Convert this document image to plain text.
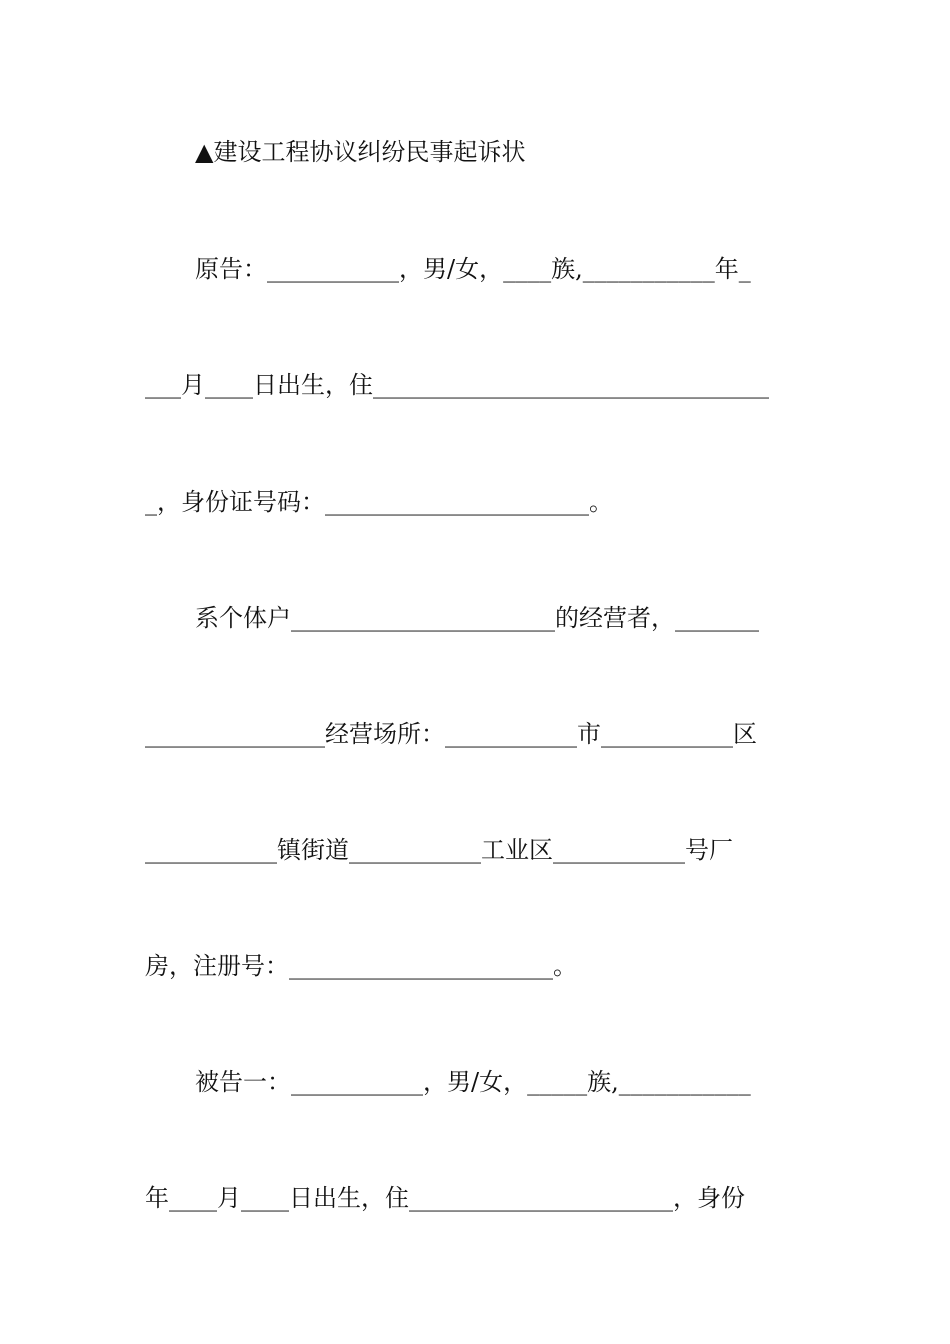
▲建设工程协议纠纷民事起诉状
原告：___________，男/女，____族,___________年_
___月____日出生，住_________________________________
_，身份证号码：______________________。
系个体户______________________的经营者，_______
_______________经营场所：___________市___________区
___________镇街道___________工业区___________号厂
房，注册号：______________________。
被告一：___________，男/女，_____族,___________
年____月____日出生，住______________________，身份
